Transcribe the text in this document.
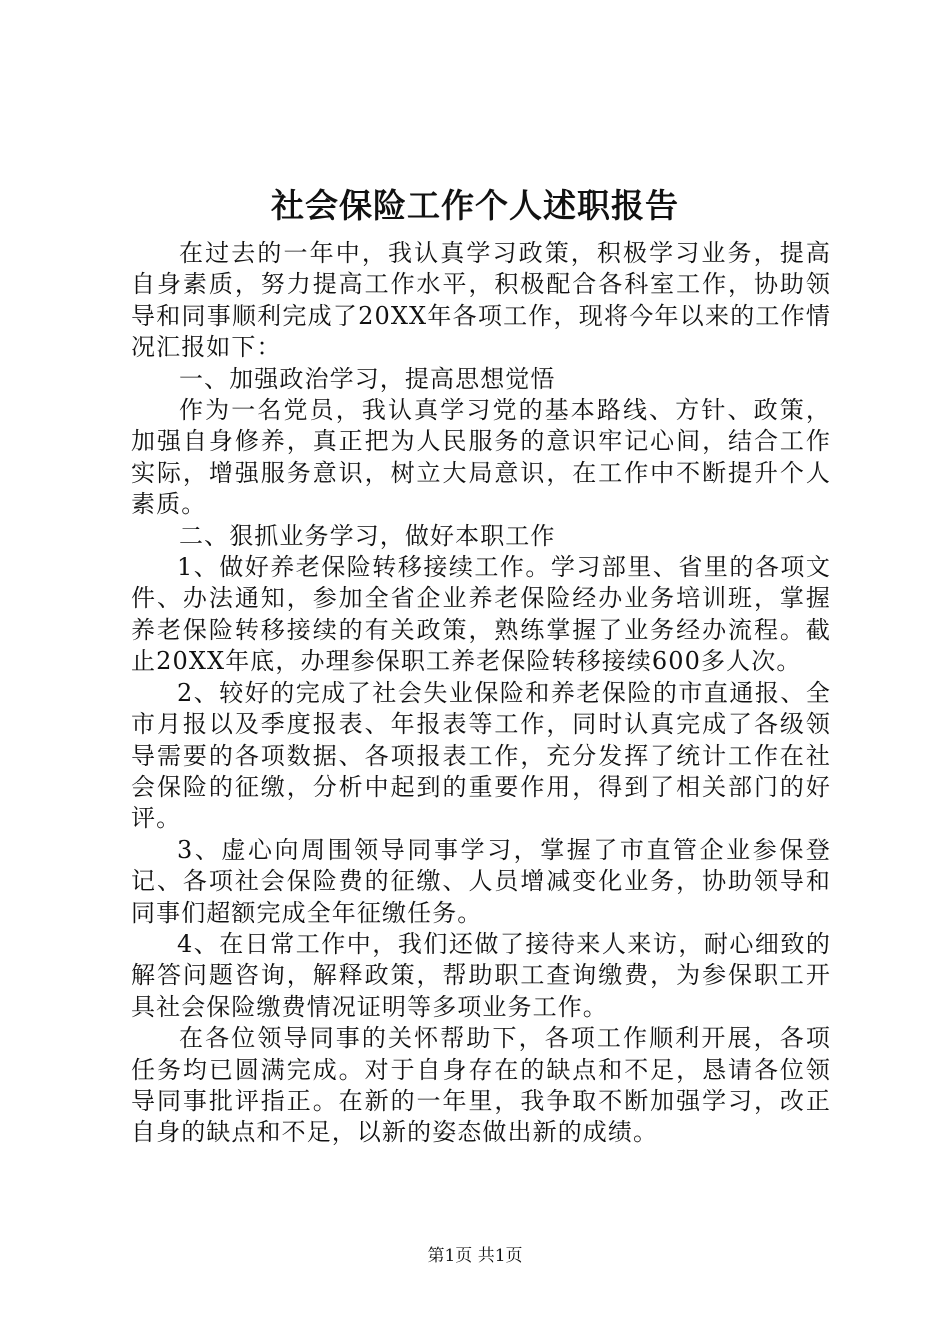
社会保险工作个人述职报告

在过去的一年中，我认真学习政策，积极学习业务，提高自身素质，努力提高工作水平，积极配合各科室工作，协助领导和同事顺利完成了20XX年各项工作，现将今年以来的工作情况汇报如下：

一、加强政治学习，提高思想觉悟

作为一名党员，我认真学习党的基本路线、方针、政策，加强自身修养，真正把为人民服务的意识牢记心间，结合工作实际，增强服务意识，树立大局意识，在工作中不断提升个人素质。

二、狠抓业务学习，做好本职工作

1、做好养老保险转移接续工作。学习部里、省里的各项文件、办法通知，参加全省企业养老保险经办业务培训班，掌握养老保险转移接续的有关政策，熟练掌握了业务经办流程。截止20XX年底，办理参保职工养老保险转移接续600多人次。

2、较好的完成了社会失业保险和养老保险的市直通报、全市月报以及季度报表、年报表等工作，同时认真完成了各级领导需要的各项数据、各项报表工作，充分发挥了统计工作在社会保险的征缴，分析中起到的重要作用，得到了相关部门的好评。

3、虚心向周围领导同事学习，掌握了市直管企业参保登记、各项社会保险费的征缴、人员增减变化业务，协助领导和同事们超额完成全年征缴任务。

4、在日常工作中，我们还做了接待来人来访，耐心细致的解答问题咨询，解释政策，帮助职工查询缴费，为参保职工开具社会保险缴费情况证明等多项业务工作。

在各位领导同事的关怀帮助下，各项工作顺利开展，各项任务均已圆满完成。对于自身存在的缺点和不足，恳请各位领导同事批评指正。在新的一年里，我争取不断加强学习，改正自身的缺点和不足，以新的姿态做出新的成绩。

第1页 共1页
